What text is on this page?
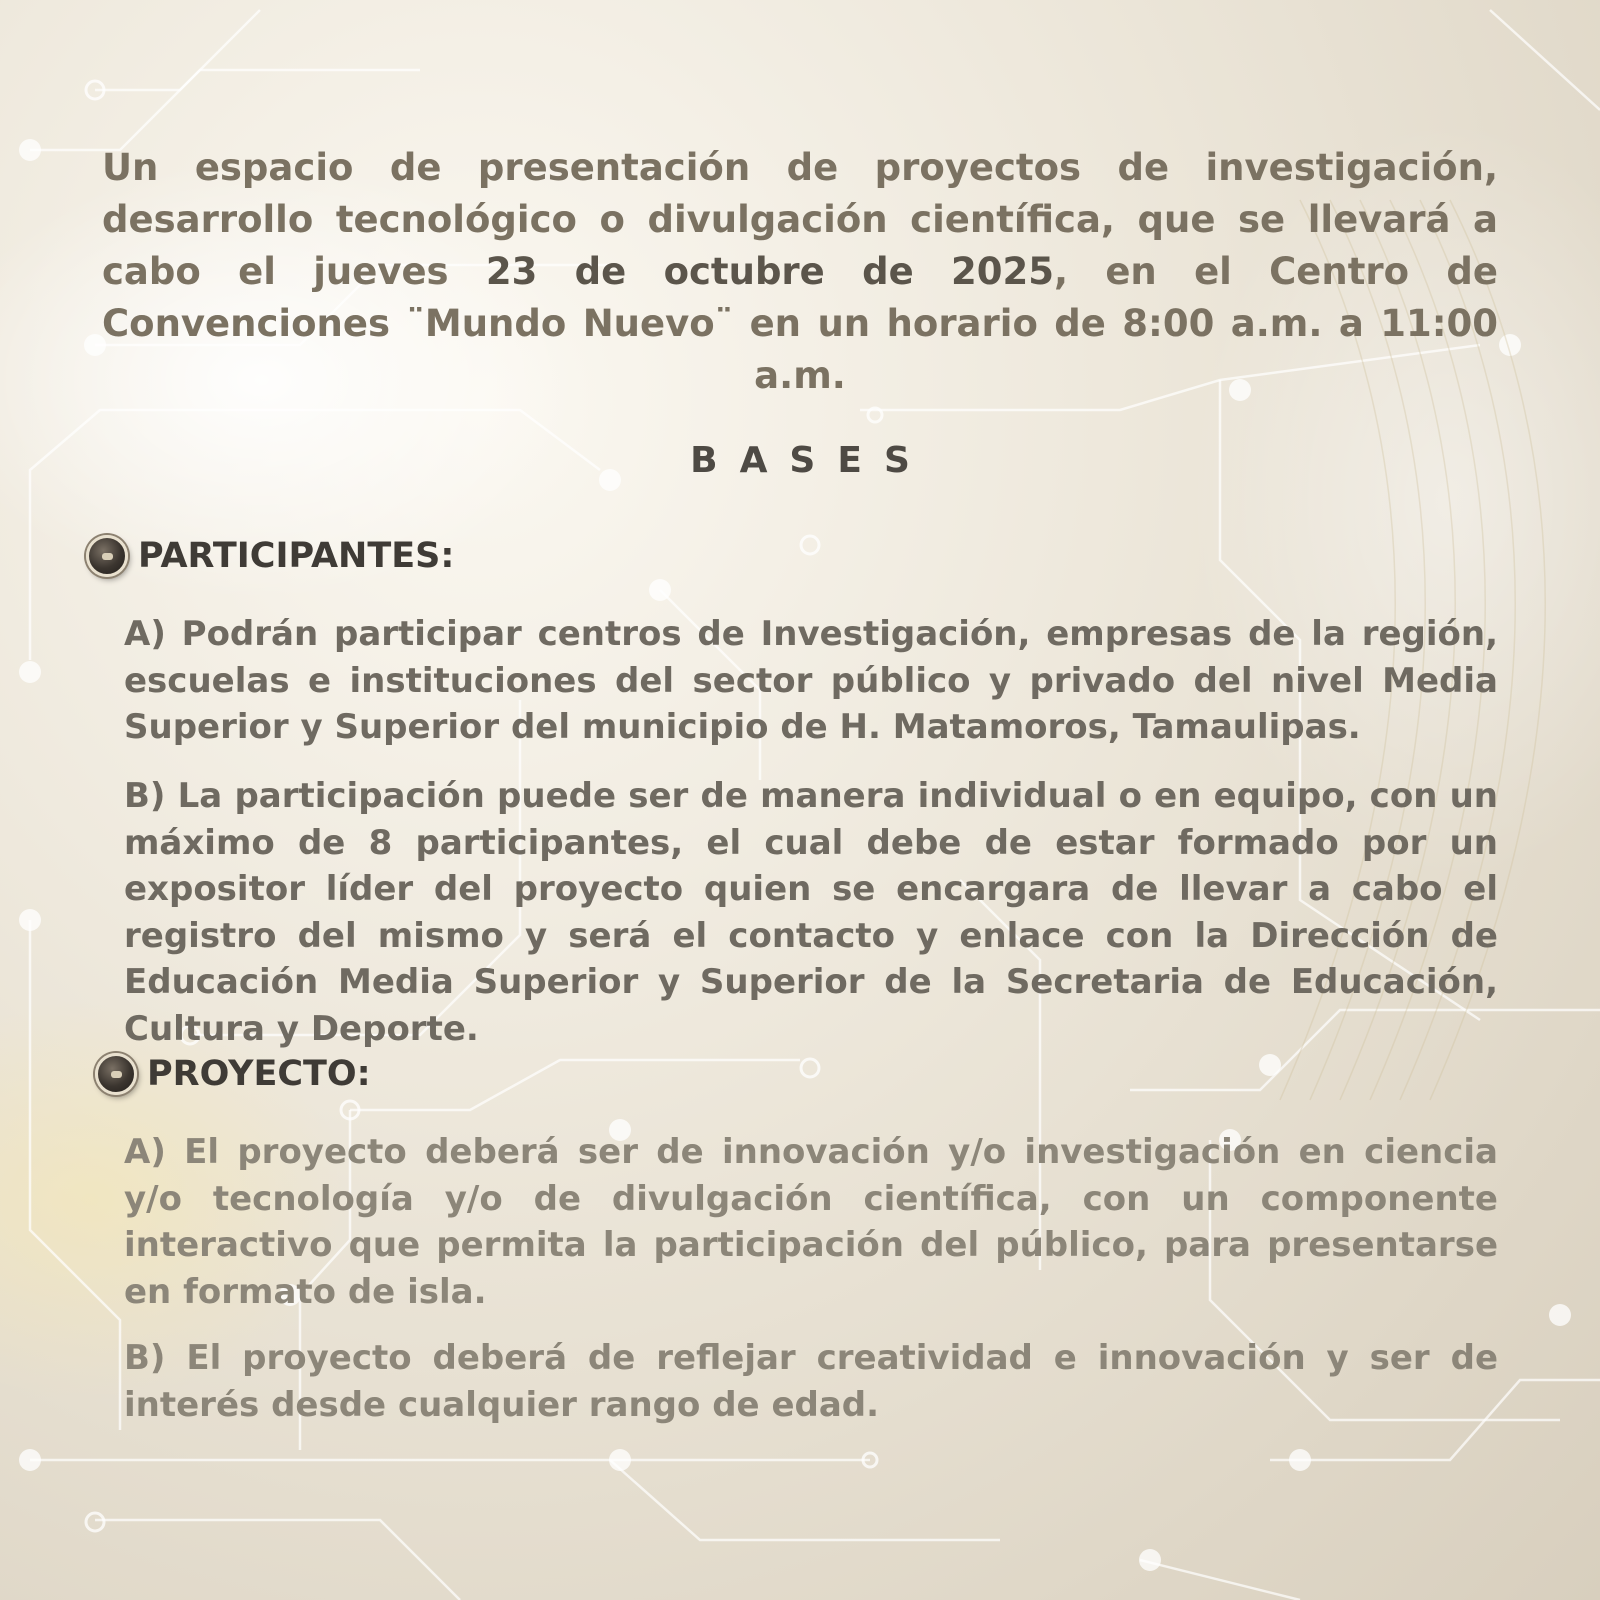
Un espacio de presentación de proyectos de investigación, desarrollo tecnológico o divulgación científica, que se llevará a cabo el jueves 23 de octubre de 2025, en el Centro de Convenciones ¨Mundo Nuevo¨ en un horario de 8:00 a.m. a 11:00 a.m.

BASES
PARTICIPANTES:

A) Podrán participar centros de Investigación, empresas de la región, escuelas e instituciones del sector público y privado del nivel Media Superior y Superior del municipio de H. Matamoros, Tamaulipas.

B) La participación puede ser de manera individual o en equipo, con un máximo de 8 participantes, el cual debe de estar formado por un expositor líder del proyecto quien se encargara de llevar a cabo el registro del mismo y será el contacto y enlace con la Dirección de Educación Media Superior y Superior de la Secretaria de Educación, Cultura y Deporte.

PROYECTO:

A) El proyecto deberá ser de innovación y/o investigación en ciencia y/o tecnología y/o de divulgación científica, con un componente interactivo que permita la participación del público, para presentarse en formato de isla.

B) El proyecto deberá de reflejar creatividad e innovación y ser de interés desde cualquier rango de edad.
